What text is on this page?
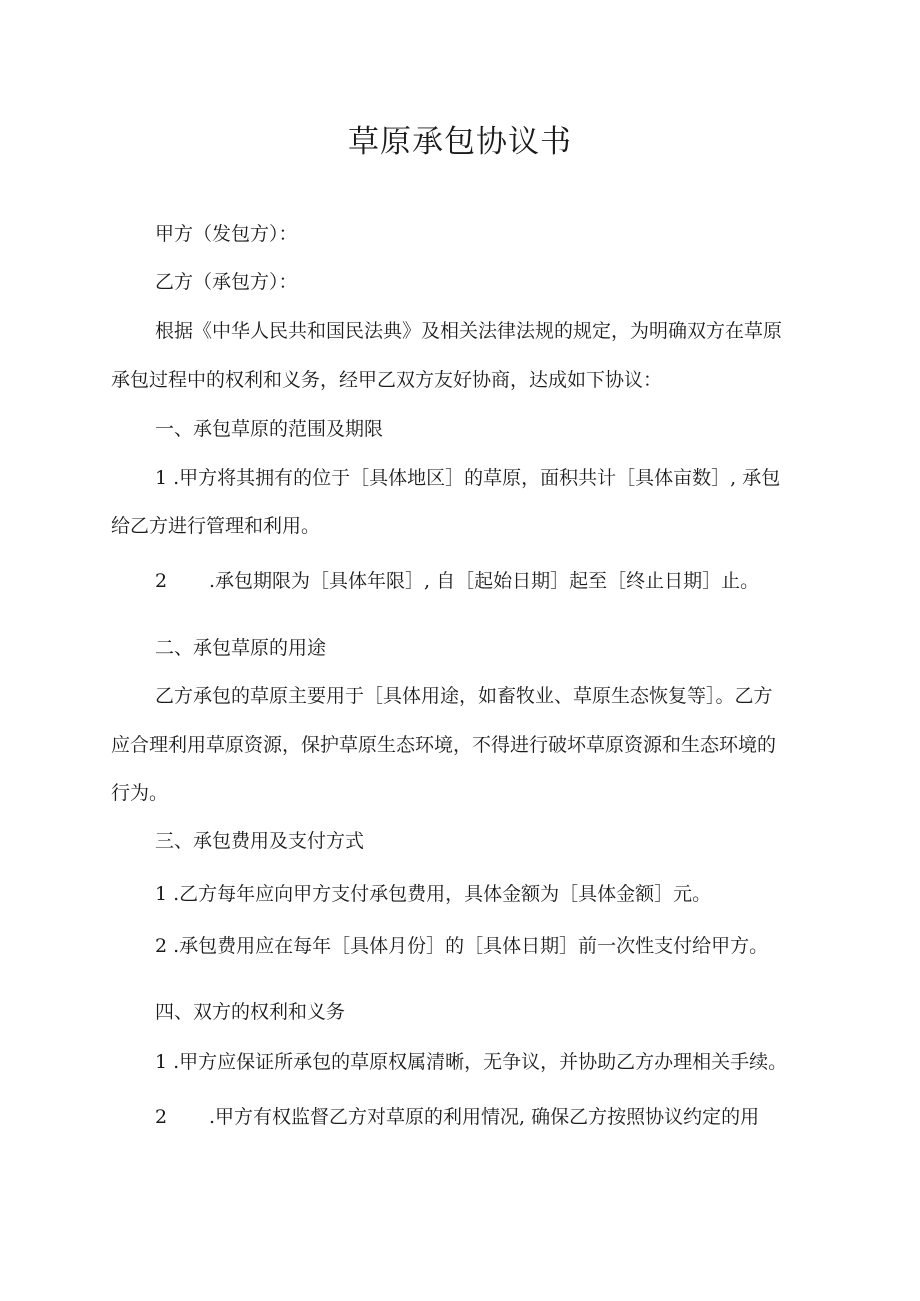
草原承包协议书

甲方（发包方）：

乙方（承包方）：

根据《中华人民共和国民法典》及相关法律法规的规定，为明确双方在草原

承包过程中的权利和义务，经甲乙双方友好协商，达成如下协议：

一、承包草原的范围及期限

1 .甲方将其拥有的位于［具体地区］的草原，面积共计［具体亩数］, 承包

给乙方进行管理和利用。

2 .承包期限为［具体年限］, 自［起始日期］起至［终止日期］止。

二、承包草原的用途

乙方承包的草原主要用于［具体用途，如畜牧业、草原生态恢复等］。乙方

应合理利用草原资源，保护草原生态环境，不得进行破坏草原资源和生态环境的

行为。

三、承包费用及支付方式

1 .乙方每年应向甲方支付承包费用，具体金额为［具体金额］元。

2 .承包费用应在每年［具体月份］的［具体日期］前一次性支付给甲方。

四、双方的权利和义务

1 .甲方应保证所承包的草原权属清晰，无争议，并协助乙方办理相关手续。

2 .甲方有权监督乙方对草原的利用情况, 确保乙方按照协议约定的用
